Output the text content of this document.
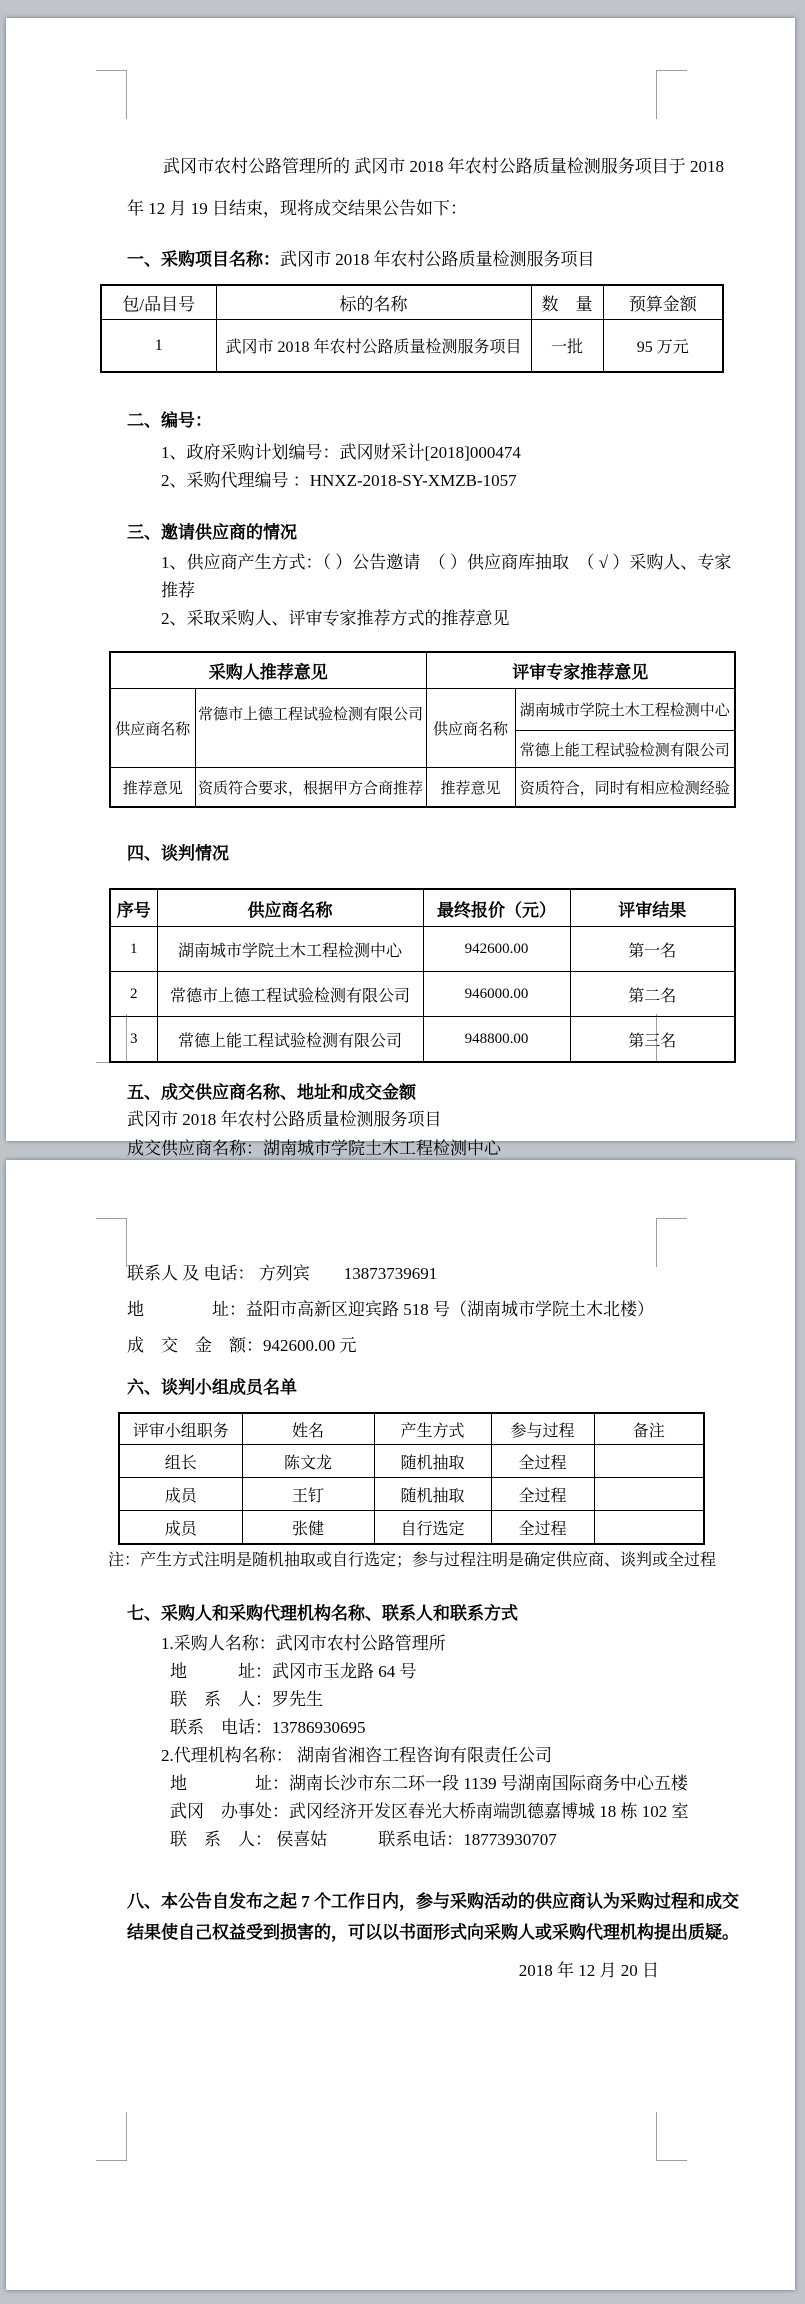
武冈市农村公路管理所的 武冈市 2018 年农村公路质量检测服务项目于 2018 年 12 月 19 日结束，现将成交结果公告如下：
一、采购项目名称：武冈市 2018 年农村公路质量检测服务项目
包/品目号	标的名称	数　量	预算金额
1	武冈市 2018 年农村公路质量检测服务项目	一批	95 万元
二、编号：
1、政府采购计划编号：武冈财采计[2018]000474
2、采购代理编号 ：HNXZ-2018-SY-XMZB-1057
三、邀请供应商的情况
1、供应商产生方式：（ ）公告邀请　（ ）供应商库抽取　（ √ ）采购人、专家推荐
2、采取采购人、评审专家推荐方式的推荐意见
采购人推荐意见		评审专家推荐意见	
供应商名称	常德市上德工程试验检测有限公司	供应商名称	湖南城市学院土木工程检测中心
			常德上能工程试验检测有限公司
推荐意见	资质符合要求，根据甲方合商推荐	推荐意见	资质符合，同时有相应检测经验
四、谈判情况
序号	供应商名称	最终报价（元）	评审结果
1	湖南城市学院土木工程检测中心	942600.00	第一名
2	常德市上德工程试验检测有限公司	946000.00	第二名
3	常德上能工程试验检测有限公司	948800.00	第三名
五、成交供应商名称、地址和成交金额
武冈市 2018 年农村公路质量检测服务项目
成交供应商名称：湖南城市学院土木工程检测中心
联系人 及 电话： 方列宾　　13873739691
地　　　　址：益阳市高新区迎宾路 518 号（湖南城市学院土木北楼）
成　交　金　额：942600.00 元
六、谈判小组成员名单
评审小组职务	姓名	产生方式	参与过程	备注
组长	陈文龙	随机抽取	全过程	
成员	王钉	随机抽取	全过程	
成员	张健	自行选定	全过程	
注：产生方式注明是随机抽取或自行选定；参与过程注明是确定供应商、谈判或全过程
七、采购人和采购代理机构名称、联系人和联系方式
1.采购人名称：武冈市农村公路管理所
地　　　址：武冈市玉龙路 64 号
联　系　人：罗先生
联系　电话：13786930695
2.代理机构名称： 湖南省湘咨工程咨询有限责任公司
地　　　　址：湖南长沙市东二环一段 1139 号湖南国际商务中心五楼
武冈　办事处：武冈经济开发区春光大桥南端凯德嘉博城 18 栋 102 室
联　系　人： 侯喜姑　　　联系电话：18773930707
八、本公告自发布之起 7 个工作日内，参与采购活动的供应商认为采购过程和成交结果使自己权益受到损害的，可以以书面形式向采购人或采购代理机构提出质疑。
2018 年 12 月 20 日
